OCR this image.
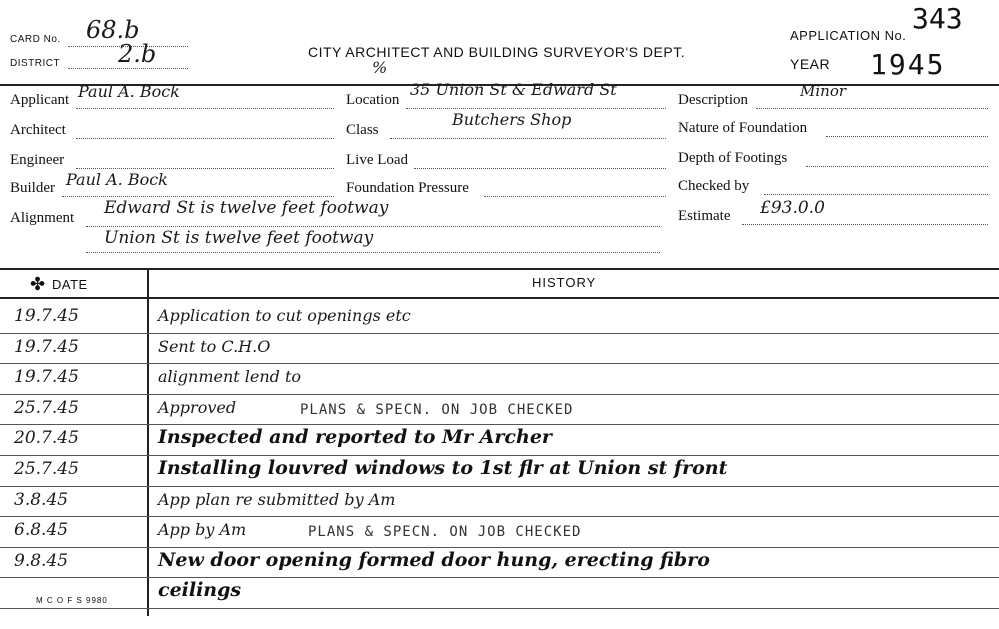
CARD No. 68.b
DISTRICT 2.b	CITY ARCHITECT AND BUILDING SURVEYOR'S DEPT.
%
APPLICATION No.
343
YEAR 1945
Applicant Paul A. Bock
Architect
Engineer
Builder Paul A. Bock
Alignment Edward St is twelve feet footway
Union St is twelve feet footway
Location
35 Union St & Edward St
Class
Butchers Shop
Live Load
Foundation Pressure
Description	Minor
Nature of Foundation
Depth of Footings
Checked by
Estimate £93.0.0
✤ DATE	HISTORY
19.7.45	Application to cut openings etc
19.7.45	Sent to C.H.O
19.7.45	alignment lend to
25.7.45	Approved	PLANS & SPECN. ON JOB CHECKED
20.7.45	Inspected and reported to Mr Archer
25.7.45	Installing louvred windows to 1st flr at Union st front
3.8.45	App plan re submitted by Am
6.8.45	App by Am	PLANS & SPECN. ON JOB CHECKED
9.8.45	New door opening formed door hung, erecting fibro
ceilings
M C O F S 9980
